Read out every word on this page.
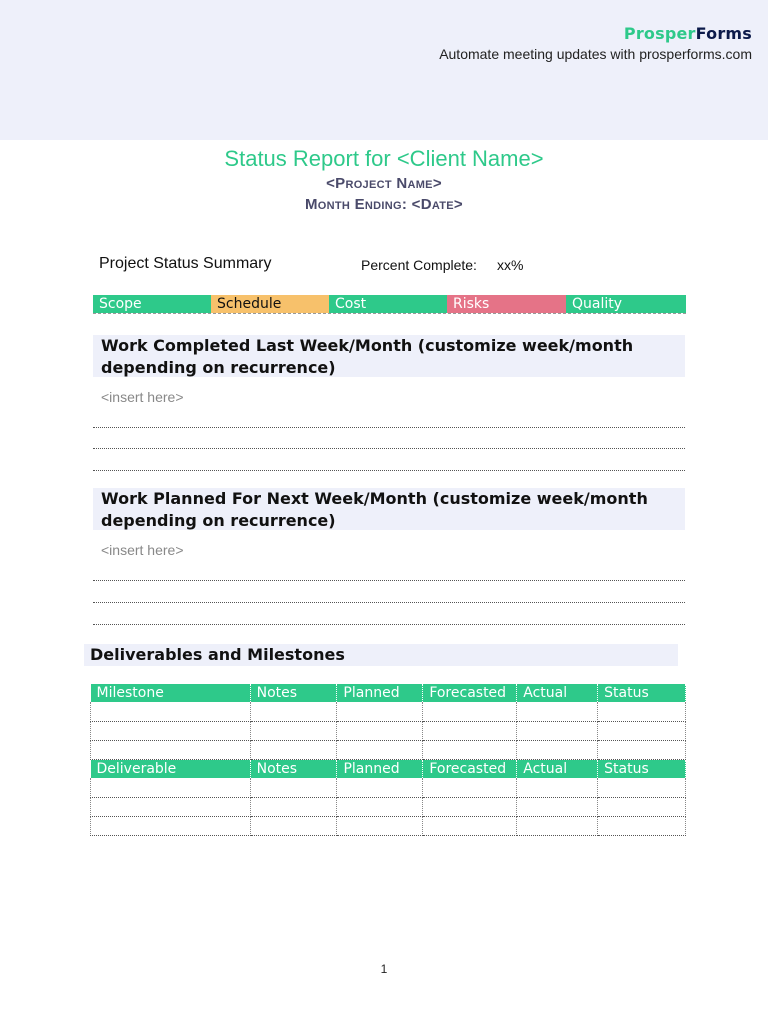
ProsperForms
Automate meeting updates with prosperforms.com
Status Report for <Client Name>
<Project Name>
Month Ending: <Date>
Project Status Summary	Percent Complete: xx%
Scope	Schedule	Cost	Risks	Quality
Work Completed Last Week/Month (customize week/month depending on recurrence)
<insert here>
Work Planned For Next Week/Month (customize week/month depending on recurrence)
<insert here>
Deliverables and Milestones
Milestone	Notes	Planned	Forecasted	Actual	Status

Deliverable	Notes	Planned	Forecasted	Actual	Status

1
